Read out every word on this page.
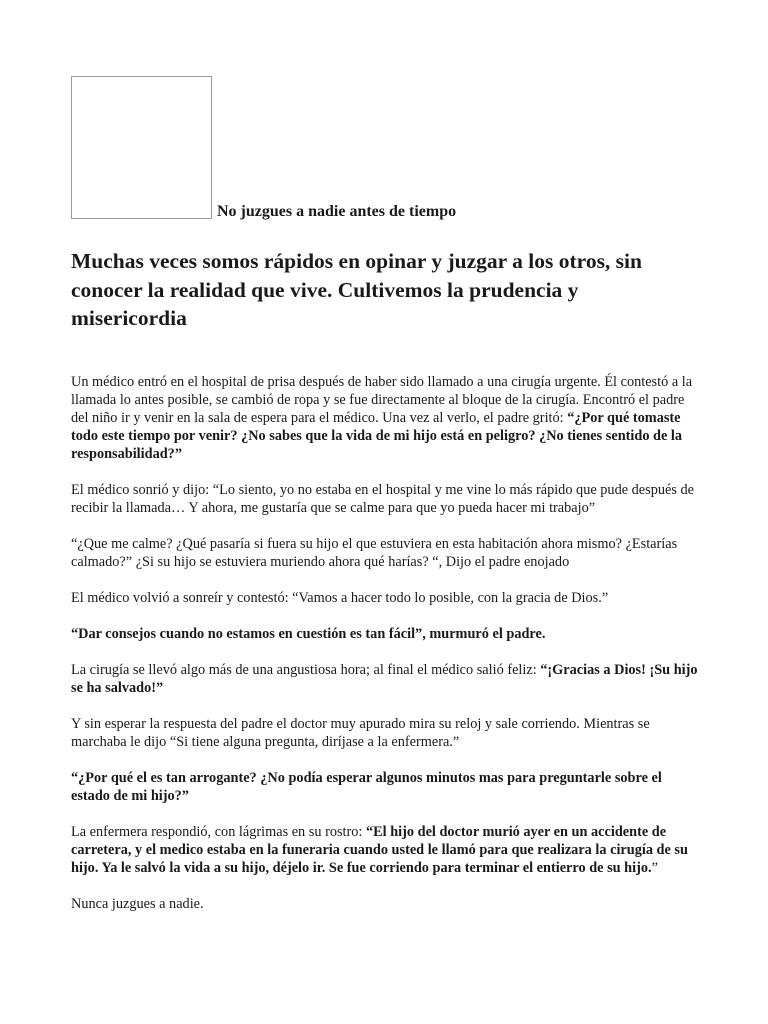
No juzgues a nadie antes de tiempo
Muchas veces somos rápidos en opinar y juzgar a los otros, sin conocer la realidad que vive. Cultivemos la prudencia y misericordia

Un médico entró en el hospital de prisa después de haber sido llamado a una cirugía urgente. Él contestó a la llamada lo antes posible, se cambió de ropa y se fue directamente al bloque de la cirugía. Encontró el padre del niño ir y venir en la sala de espera para el médico. Una vez al verlo, el padre gritó: “¿Por qué tomaste todo este tiempo por venir? ¿No sabes que la vida de mi hijo está en peligro? ¿No tienes sentido de la responsabilidad?”

El médico sonrió y dijo: “Lo siento, yo no estaba en el hospital y me vine lo más rápido que pude después de recibir la llamada… Y ahora, me gustaría que se calme para que yo pueda hacer mi trabajo”

“¿Que me calme? ¿Qué pasaría si fuera su hijo el que estuviera en esta habitación ahora mismo? ¿Estarías calmado?” ¿Si su hijo se estuviera muriendo ahora qué harías? “, Dijo el padre enojado

El médico volvió a sonreír y contestó: “Vamos a hacer todo lo posible, con la gracia de Dios.”

“Dar consejos cuando no estamos en cuestión es tan fácil”, murmuró el padre.

La cirugía se llevó algo más de una angustiosa hora; al final el médico salió feliz: “¡Gracias a Dios! ¡Su hijo se ha salvado!”

Y sin esperar la respuesta del padre el doctor muy apurado mira su reloj y sale corriendo. Mientras se marchaba le dijo “Si tiene alguna pregunta, diríjase a la enfermera.”

“¿Por qué el es tan arrogante? ¿No podía esperar algunos minutos mas para preguntarle sobre el estado de mi hijo?”

La enfermera respondió, con lágrimas en su rostro: “El hijo del doctor murió ayer en un accidente de carretera, y el medico estaba en la funeraria cuando usted le llamó para que realizara la cirugía de su hijo. Ya le salvó la vida a su hijo, déjelo ir. Se fue corriendo para terminar el entierro de su hijo.”

Nunca juzgues a nadie.
